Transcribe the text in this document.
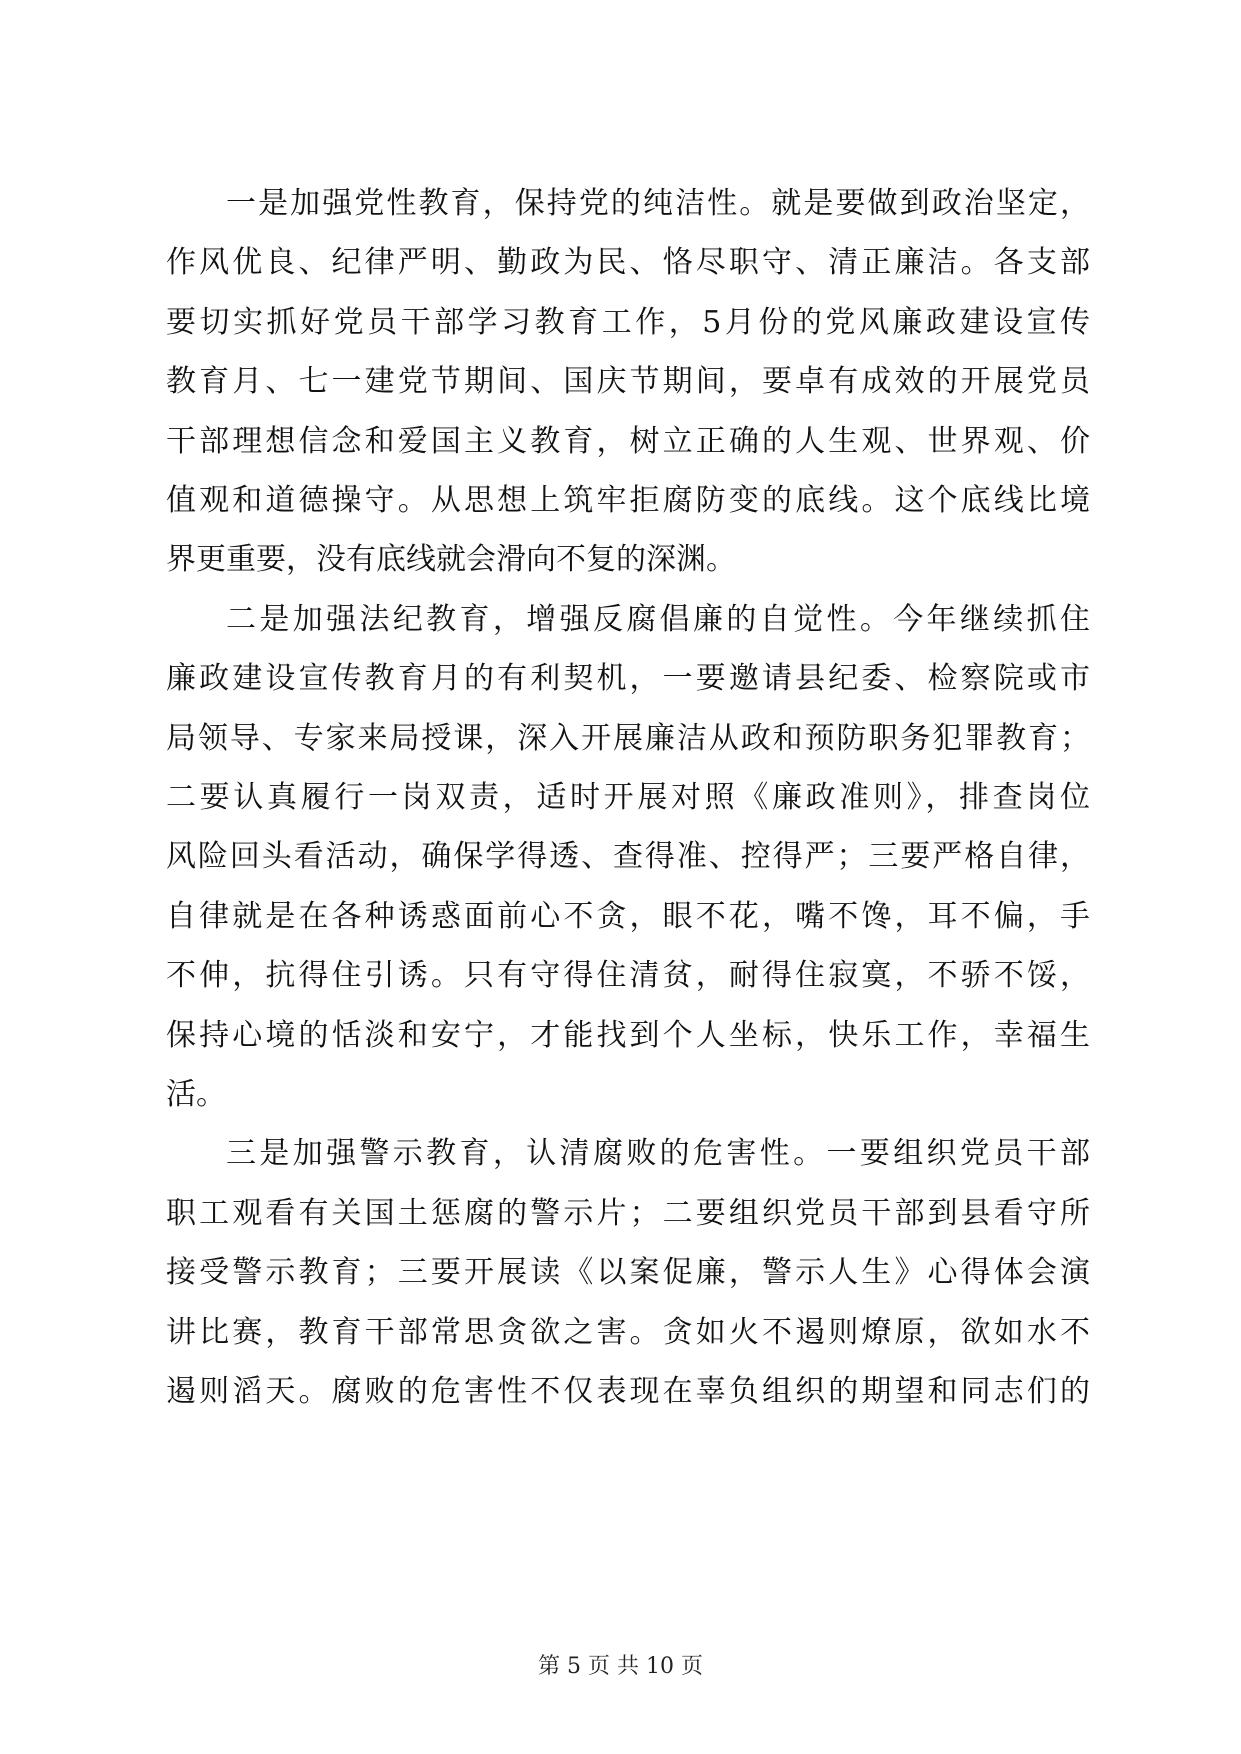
一是加强党性教育，保持党的纯洁性。就是要做到政治坚定，
作风优良、纪律严明、勤政为民、恪尽职守、清正廉洁。各支部
要切实抓好党员干部学习教育工作，5月份的党风廉政建设宣传
教育月、七一建党节期间、国庆节期间，要卓有成效的开展党员
干部理想信念和爱国主义教育，树立正确的人生观、世界观、价
值观和道德操守。从思想上筑牢拒腐防变的底线。这个底线比境
界更重要，没有底线就会滑向不复的深渊。
二是加强法纪教育，增强反腐倡廉的自觉性。今年继续抓住
廉政建设宣传教育月的有利契机，一要邀请县纪委、检察院或市
局领导、专家来局授课，深入开展廉洁从政和预防职务犯罪教育；
二要认真履行一岗双责，适时开展对照《廉政准则》，排查岗位
风险回头看活动，确保学得透、查得准、控得严；三要严格自律，
自律就是在各种诱惑面前心不贪，眼不花，嘴不馋，耳不偏，手
不伸，抗得住引诱。只有守得住清贫，耐得住寂寞，不骄不馁，
保持心境的恬淡和安宁，才能找到个人坐标，快乐工作，幸福生
活。
三是加强警示教育，认清腐败的危害性。一要组织党员干部
职工观看有关国土惩腐的警示片；二要组织党员干部到县看守所
接受警示教育；三要开展读《以案促廉，警示人生》心得体会演
讲比赛，教育干部常思贪欲之害。贪如火不遏则燎原，欲如水不
遏则滔天。腐败的危害性不仅表现在辜负组织的期望和同志们的
第 5 页 共 10 页
